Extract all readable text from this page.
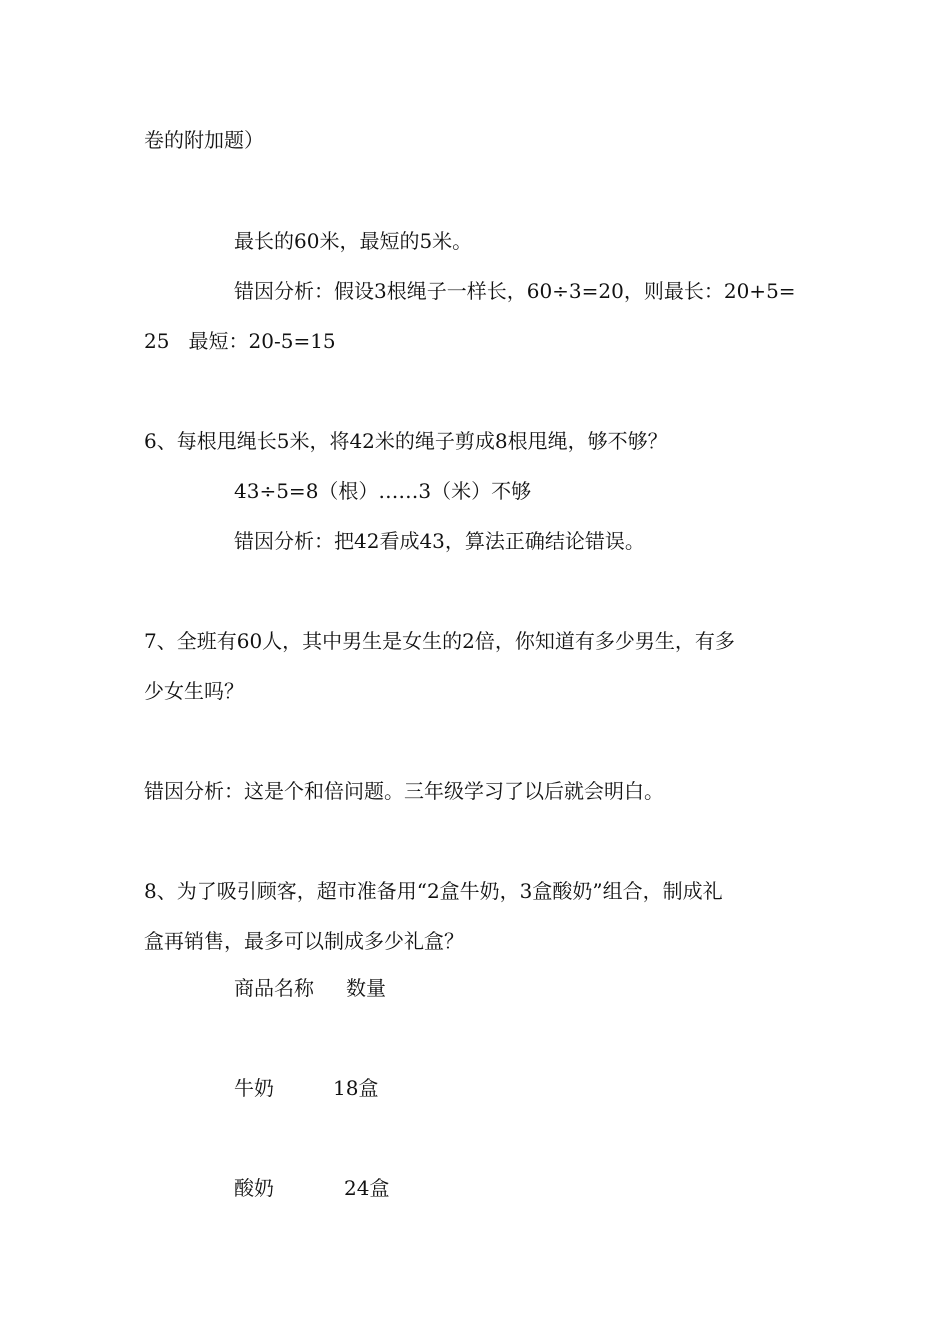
卷的附加题）
最长的60米，最短的5米。
错因分析：假设3根绳子一样长，60÷3=20，则最长：20+5=
25   最短：20-5=15
6、每根甩绳长5米，将42米的绳子剪成8根甩绳，够不够？
43÷5=8（根）……3（米）不够
错因分析：把42看成43，算法正确结论错误。
7、全班有60人，其中男生是女生的2倍，你知道有多少男生，有多
少女生吗？
错因分析：这是个和倍问题。三年级学习了以后就会明白。
8、为了吸引顾客，超市准备用“2盒牛奶，3盒酸奶”组合，制成礼
盒再销售，最多可以制成多少礼盒？
商品名称 数量
牛奶	18盒
酸奶	24盒
